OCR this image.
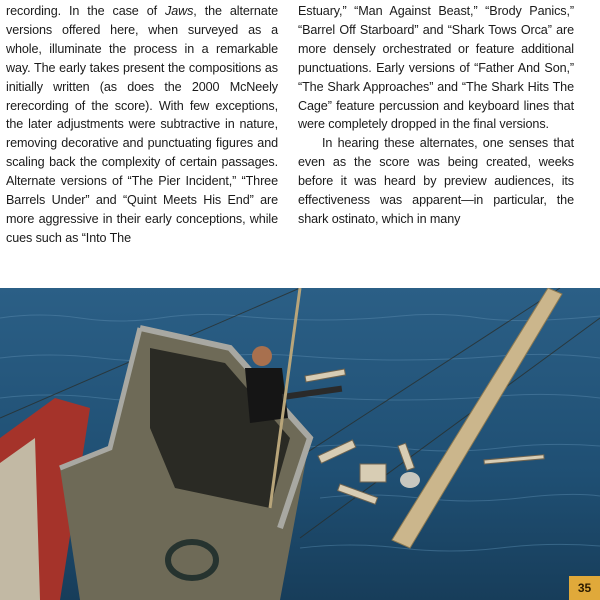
recording. In the case of Jaws, the alternate versions offered here, when surveyed as a whole, illuminate the process in a remarkable way. The early takes present the compositions as initially written (as does the 2000 McNeely rerecording of the score). With few exceptions, the later adjustments were subtractive in nature, removing decorative and punctuating figures and scaling back the complexity of certain passages. Alternate versions of “The Pier Incident,” “Three Barrels Under” and “Quint Meets His End” are more aggressive in their early conceptions, while cues such as “Into The

Estuary,” “Man Against Beast,” “Brody Panics,” “Barrel Off Starboard” and “Shark Tows Orca” are more densely orchestrated or feature additional punctuations. Early versions of “Father And Son,” “The Shark Approaches” and “The Shark Hits The Cage” feature percussion and keyboard lines that were completely dropped in the final versions.

In hearing these alternates, one senses that even as the score was being created, weeks before it was heard by preview audiences, its effectiveness was apparent—in particular, the shark ostinato, which in many

35
